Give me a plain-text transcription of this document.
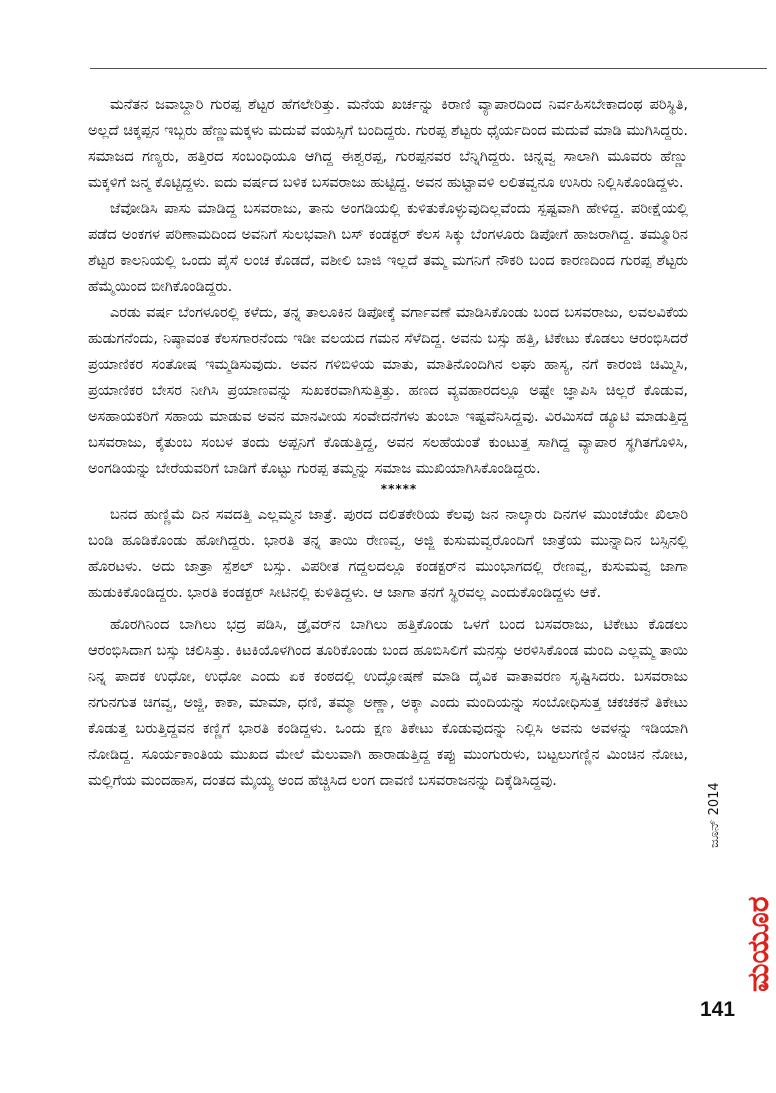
ಮನೆತನ ಜವಾಬ್ದಾರಿ ಗುರಪ್ಪ ಶೆಟ್ಟರ ಹೆಗಲೇರಿತ್ತು. ಮನೆಯ ಖರ್ಚನ್ನು ಕಿರಾಣಿ ವ್ಯಾಪಾರದಿಂದ ನಿರ್ವಹಿಸಬೇಕಾದಂಥ ಪರಿಸ್ಥಿತಿ, ಅಲ್ಲದೆ ಚಿಕ್ಕಪ್ಪನ ಇಬ್ಬರು ಹೆಣ್ಣುಮಕ್ಕಳು ಮದುವೆ ವಯಸ್ಸಿಗೆ ಬಂದಿದ್ದರು. ಗುರಪ್ಪ ಶೆಟ್ಟರು ಧೈರ್ಯದಿಂದ ಮದುವೆ ಮಾಡಿ ಮುಗಿಸಿದ್ದರು. ಸಮಾಜದ ಗಣ್ಯರು, ಹತ್ತಿರದ ಸಂಬಂಧಿಯೂ ಆಗಿದ್ದ ಈಶ್ವರಪ್ಪ, ಗುರಪ್ಪನವರ ಬೆನ್ನಿಗಿದ್ದರು. ಚಿನ್ನವ್ವ ಸಾಲಾಗಿ ಮೂವರು ಹೆಣ್ಣು ಮಕ್ಕಳಿಗೆ ಜನ್ಮ ಕೊಟ್ಟಿದ್ದಳು. ಐದು ವರ್ಷದ ಬಳಿಕ ಬಸವರಾಜು ಹುಟ್ಟಿದ್ದ. ಅವನ ಹುಟ್ಟಾವಳಿ ಲಲಿತವ್ವನೂ ಉಸಿರು ನಿಲ್ಲಿಸಿಕೊಂಡಿದ್ದಳು.

ಜೆವೋಡಿಸಿ ಪಾಸು ಮಾಡಿದ್ದ ಬಸವರಾಜು, ತಾನು ಅಂಗಡಿಯಲ್ಲಿ ಕುಳಿತುಕೊಳ್ಳುವುದಿಲ್ಲವೆಂದು ಸ್ಪಷ್ಟವಾಗಿ ಹೇಳಿದ್ದ. ಪರೀಕ್ಷೆಯಲ್ಲಿ ಪಡೆದ ಅಂಕಗಳ ಪರಿಣಾಮದಿಂದ ಅವನಿಗೆ ಸುಲಭವಾಗಿ ಬಸ್ ಕಂಡಕ್ಟರ್ ಕೆಲಸ ಸಿಕ್ಕು ಬೆಂಗಳೂರು ಡಿಪೋಗೆ ಹಾಜರಾಗಿದ್ದ. ತಮ್ಮೂರಿನ ಶೆಟ್ಟರ ಕಾಲನಿಯಲ್ಲಿ ಒಂದು ಪೈಸೆ ಲಂಚ ಕೊಡದೆ, ವಶೀಲಿ ಬಾಜಿ ಇಲ್ಲದೆ ತಮ್ಮ ಮಗನಿಗೆ ನೌಕರಿ ಬಂದ ಕಾರಣದಿಂದ ಗುರಪ್ಪ ಶೆಟ್ಟರು ಹೆಮ್ಮೆಯಿಂದ ಬೀಗಿಕೊಂಡಿದ್ದರು.

ಎರಡು ವರ್ಷ ಬೆಂಗಳೂರಲ್ಲಿ ಕಳೆದು, ತನ್ನ ತಾಲೂಕಿನ ಡಿಪೋಕ್ಕೆ ವರ್ಗಾವಣೆ ಮಾಡಿಸಿಕೊಂಡು ಬಂದ ಬಸವರಾಜು, ಲವಲವಿಕೆಯ ಹುಡುಗನೆಂದು, ನಿಷ್ಠಾವಂತ ಕೆಲಸಗಾರನೆಂದು ಇಡೀ ವಲಯದ ಗಮನ ಸೆಳೆದಿದ್ದ. ಅವನು ಬಸ್ಸು ಹತ್ತಿ, ಟಿಕೇಟು ಕೊಡಲು ಆರಂಭಿಸಿದರೆ ಪ್ರಯಾಣಿಕರ ಸಂತೋಷ ಇಮ್ಮಡಿಸುವುದು. ಅವನ ಗಳಿಬಿಳಿಯ ಮಾತು, ಮಾತಿನೊಂದಿಗಿನ ಲಘು ಹಾಸ್ಯ, ನಗೆ ಕಾರಂಜಿ ಚಿಮ್ಮಿಸಿ, ಪ್ರಯಾಣಿಕರ ಬೇಸರ ನೀಗಿಸಿ ಪ್ರಯಾಣವನ್ನು ಸುಖಕರವಾಗಿಸುತ್ತಿತ್ತು. ಹಣದ ವ್ಯವಹಾರದಲ್ಲೂ ಅಷ್ಟೇ ಜ್ಞಾಪಿಸಿ ಚಿಲ್ಲರೆ ಕೊಡುವ, ಅಸಹಾಯಕರಿಗೆ ಸಹಾಯ ಮಾಡುವ ಅವನ ಮಾನವೀಯ ಸಂವೇದನೆಗಳು ತುಂಬಾ ಇಷ್ಟವೆನಿಸಿದ್ದವು. ವಿರಮಿಸದೆ ಡ್ಯೂಟಿ ಮಾಡುತ್ತಿದ್ದ ಬಸವರಾಜು, ಕೈತುಂಬ ಸಂಬಳ ತಂದು ಅಪ್ಪನಿಗೆ ಕೊಡುತ್ತಿದ್ದ, ಅವನ ಸಲಹೆಯಂತೆ ಕುಂಟುತ್ತ ಸಾಗಿದ್ದ ವ್ಯಾಪಾರ ಸ್ಥಗಿತಗೊಳಿಸಿ, ಅಂಗಡಿಯನ್ನು ಬೇರೆಯವರಿಗೆ ಬಾಡಿಗೆ ಕೊಟ್ಟು ಗುರಪ್ಪ ತಮ್ಮನ್ನು ಸಮಾಜ ಮುಖಿಯಾಗಿಸಿಕೊಂಡಿದ್ದರು.

*****

ಬನದ ಹುಣ್ಣಿಮೆ ದಿನ ಸವದತ್ತಿ ಎಲ್ಲಮ್ಮನ ಜಾತ್ರೆ. ಪುರದ ದಲಿತಕೇರಿಯ ಕೆಲವು ಜನ ನಾಲ್ಕಾರು ದಿನಗಳ ಮುಂಚೆಯೇ ಖಿಲಾರಿ ಬಂಡಿ ಹೂಡಿಕೊಂಡು ಹೋಗಿದ್ದರು. ಭಾರತಿ ತನ್ನ ತಾಯಿ ರೇಣವ್ವ, ಅಜ್ಜಿ ಕುಸುಮವ್ವರೊಂದಿಗೆ ಜಾತ್ರೆಯ ಮುನ್ನಾದಿನ ಬಸ್ಸಿನಲ್ಲಿ ಹೊರಟಳು. ಅದು ಜಾತ್ರಾ ಸ್ಪೆಶಲ್ ಬಸ್ಸು. ವಿಪರೀತ ಗದ್ದಲದಲ್ಲೂ ಕಂಡಕ್ಟರ್‌ನ ಮುಂಭಾಗದಲ್ಲಿ ರೇಣವ್ವ, ಕುಸುಮವ್ವ ಜಾಗಾ ಹುಡುಕಿಕೊಂಡಿದ್ದರು. ಭಾರತಿ ಕಂಡಕ್ಟರ್ ಸೀಟಿನಲ್ಲಿ ಕುಳಿತಿದ್ದಳು. ಆ ಜಾಗಾ ತನಗೆ ಸ್ಥಿರವಲ್ಲ ಎಂದುಕೊಂಡಿದ್ದಳು ಆಕೆ.

ಹೊರಗಿನಿಂದ ಬಾಗಿಲು ಭದ್ರ ಪಡಿಸಿ, ಡ್ರೈವರ್‌ನ ಬಾಗಿಲು ಹತ್ತಿಕೊಂಡು ಒಳಗೆ ಬಂದ ಬಸವರಾಜು, ಟಿಕೇಟು ಕೊಡಲು ಆರಂಭಿಸಿದಾಗ ಬಸ್ಸು ಚಲಿಸಿತ್ತು. ಕಿಟಕಿಯೊಳಗಿಂದ ತೂರಿಕೊಂಡು ಬಂದ ಹೂಬಿಸಿಲಿಗೆ ಮನಸ್ಸು ಅರಳಿಸಿಕೊಂಡ ಮಂದಿ ಎಲ್ಲಮ್ಮ ತಾಯಿ ನಿನ್ನ ಪಾದಕ ಉಧೋ, ಉಧೋ ಎಂದು ಏಕ ಕಂಠದಲ್ಲಿ ಉದ್ಘೋಷಣೆ ಮಾಡಿ ದೈವಿಕ ವಾತಾವರಣ ಸೃಷ್ಟಿಸಿದರು. ಬಸವರಾಜು ನಗುನಗುತ ಚಿಗವ್ವ, ಅಜ್ಜಿ, ಕಾಕಾ, ಮಾಮಾ, ಧಣಿ, ತಮ್ಮಾ ಅಣ್ಣಾ, ಅಕ್ಕಾ ಎಂದು ಮಂದಿಯನ್ನು ಸಂಬೋಧಿಸುತ್ತ ಚಕಚಕನೆ ತಿಕೇಟು ಕೊಡುತ್ತ ಬರುತ್ತಿದ್ದವನ ಕಣ್ಣಿಗೆ ಭಾರತಿ ಕಂಡಿದ್ದಳು. ಒಂದು ಕ್ಷಣ ತಿಕೇಟು ಕೊಡುವುದನ್ನು ನಿಲ್ಲಿಸಿ ಅವನು ಅವಳನ್ನು ಇಡಿಯಾಗಿ ನೋಡಿದ್ದ. ಸೂರ್ಯಕಾಂತಿಯ ಮುಖದ ಮೇಲೆ ಮೆಲುವಾಗಿ ಹಾರಾಡುತ್ತಿದ್ದ ಕಪ್ಪು ಮುಂಗುರುಳು, ಬಟ್ಟಲುಗಣ್ಣಿನ ಮಿಂಚಿನ ನೋಟ, ಮಲ್ಲಿಗೆಯ ಮಂದಹಾಸ, ದಂತದ ಮೈಯ್ಯ ಅಂದ ಹೆಚ್ಚಿಸಿದ ಲಂಗ ದಾವಣಿ ಬಸವರಾಜನನ್ನು ದಿಕ್ಕೆಡಿಸಿದ್ದವು.

ಜೂನ್ 2014
ಮಯೂರ
141
